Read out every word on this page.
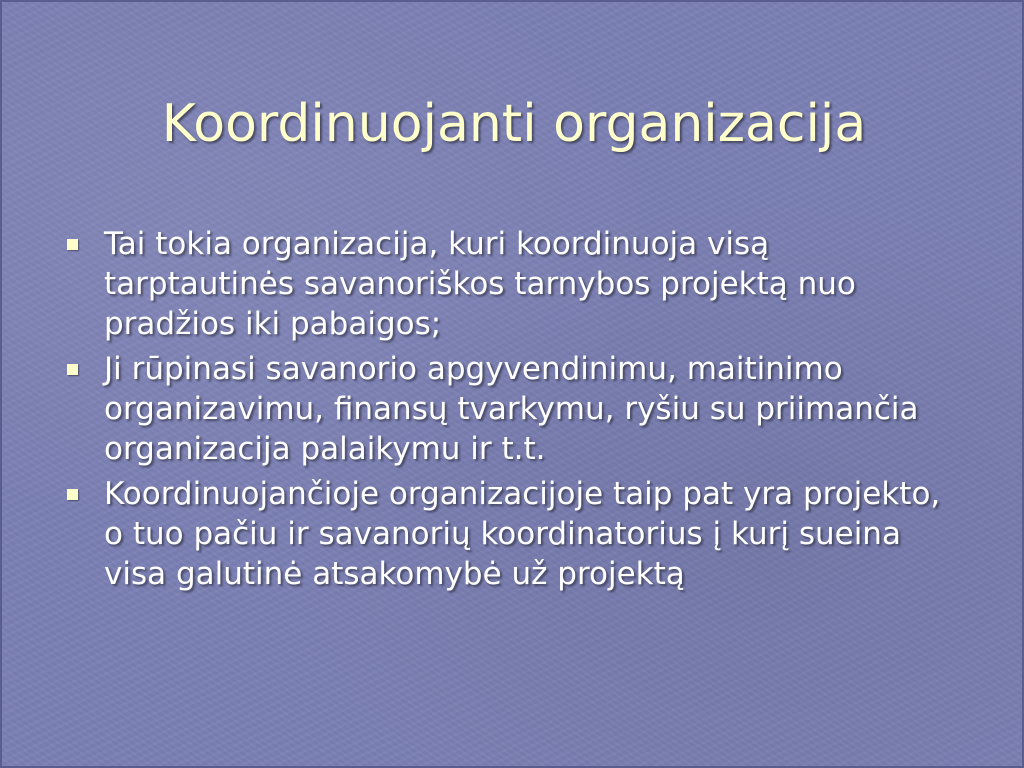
Koordinuojanti organizacija
Tai tokia organizacija, kuri koordinuoja visą tarptautinės savanoriškos tarnybos projektą nuo pradžios iki pabaigos;
Ji rūpinasi savanorio apgyvendinimu, maitinimo organizavimu, finansų tvarkymu, ryšiu su priimančia organizacija palaikymu ir t.t.
Koordinuojančioje organizacijoje taip pat yra projekto, o tuo pačiu ir savanorių koordinatorius į kurį sueina visa galutinė atsakomybė už projektą
